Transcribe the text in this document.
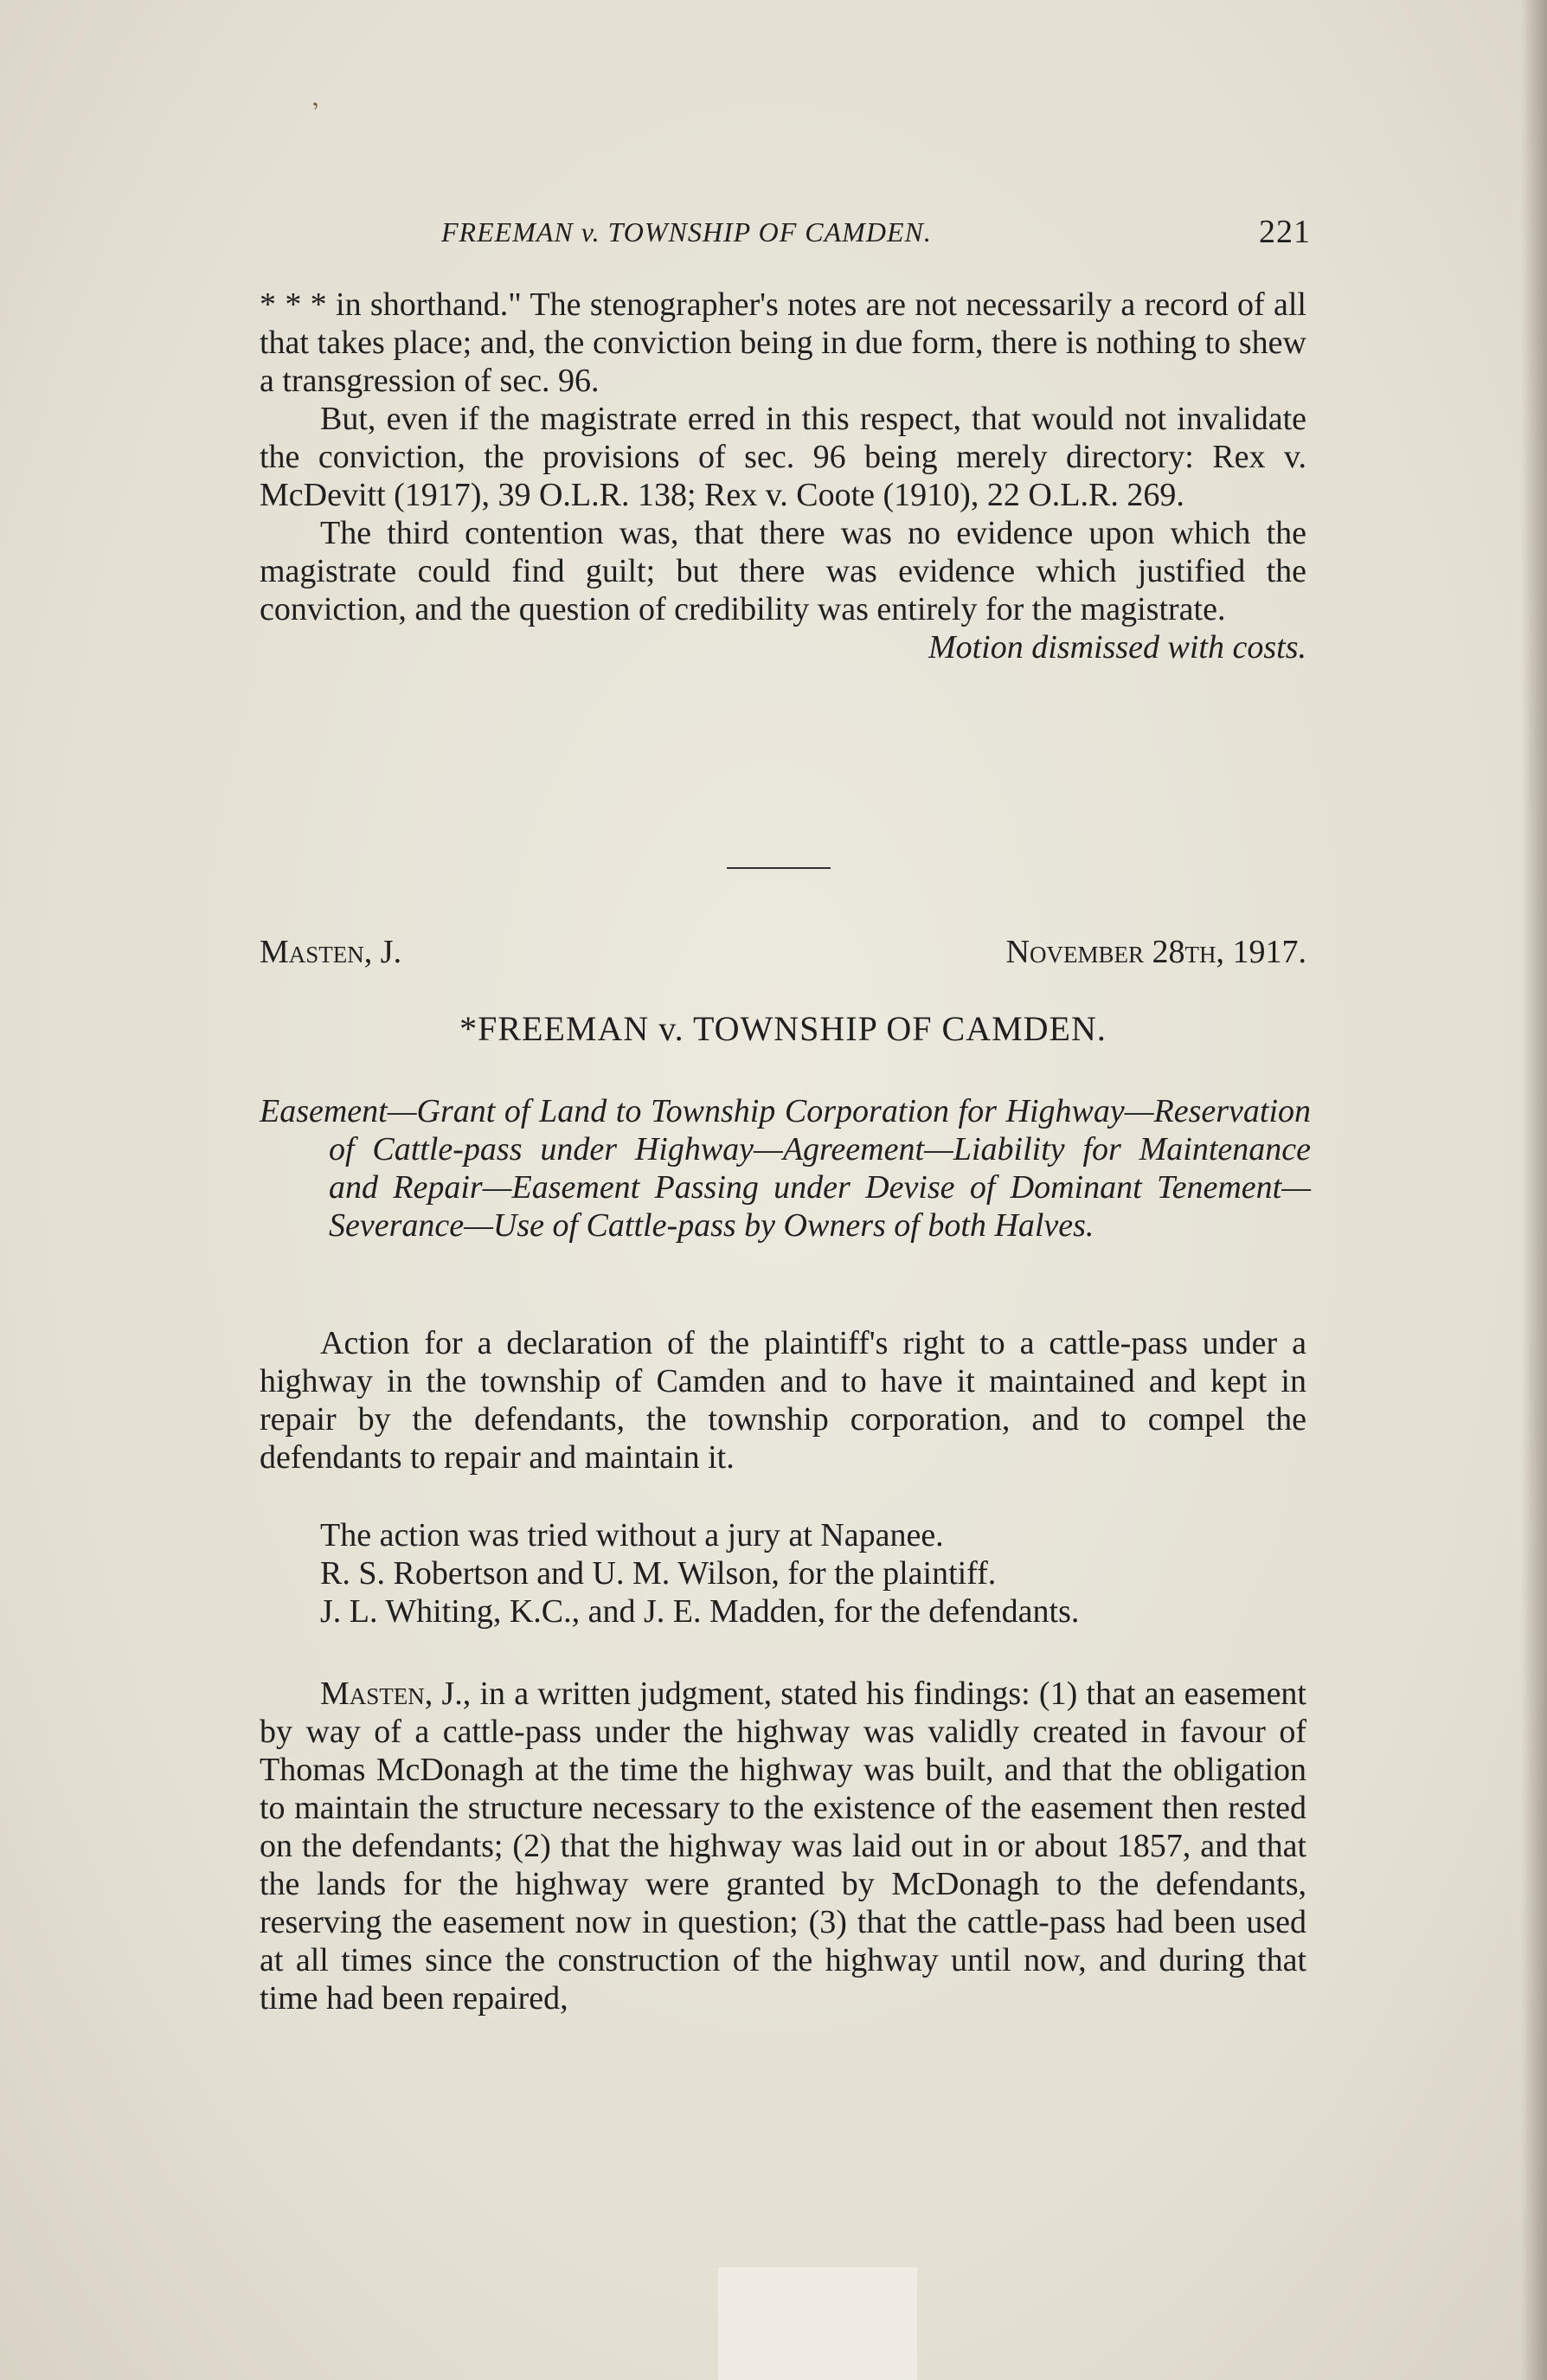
,
FREEMAN v. TOWNSHIP OF CAMDEN.	221

* * * in shorthand." The stenographer's notes are not necessarily a record of all that takes place; and, the conviction being in due form, there is nothing to shew a transgression of sec. 96.

But, even if the magistrate erred in this respect, that would not invalidate the conviction, the provisions of sec. 96 being merely directory: Rex v. McDevitt (1917), 39 O.L.R. 138; Rex v. Coote (1910), 22 O.L.R. 269.

The third contention was, that there was no evidence upon which the magistrate could find guilt; but there was evidence which justified the conviction, and the question of credibility was entirely for the magistrate.

Motion dismissed with costs.

Masten, J.	November 28th, 1917.
*FREEMAN v. TOWNSHIP OF CAMDEN.

Easement—Grant of Land to Township Corporation for Highway—Reservation of Cattle-pass under Highway—Agreement—Liability for Maintenance and Repair—Easement Passing under Devise of Dominant Tenement—Severance—Use of Cattle-pass by Owners of both Halves.

Action for a declaration of the plaintiff's right to a cattle-pass under a highway in the township of Camden and to have it maintained and kept in repair by the defendants, the township corporation, and to compel the defendants to repair and maintain it.

The action was tried without a jury at Napanee.

R. S. Robertson and U. M. Wilson, for the plaintiff.

J. L. Whiting, K.C., and J. E. Madden, for the defendants.

Masten, J., in a written judgment, stated his findings: (1) that an easement by way of a cattle-pass under the highway was validly created in favour of Thomas McDonagh at the time the highway was built, and that the obligation to maintain the structure necessary to the existence of the easement then rested on the defendants; (2) that the highway was laid out in or about 1857, and that the lands for the highway were granted by McDonagh to the defendants, reserving the easement now in question; (3) that the cattle-pass had been used at all times since the construction of the highway until now, and during that time had been repaired,
